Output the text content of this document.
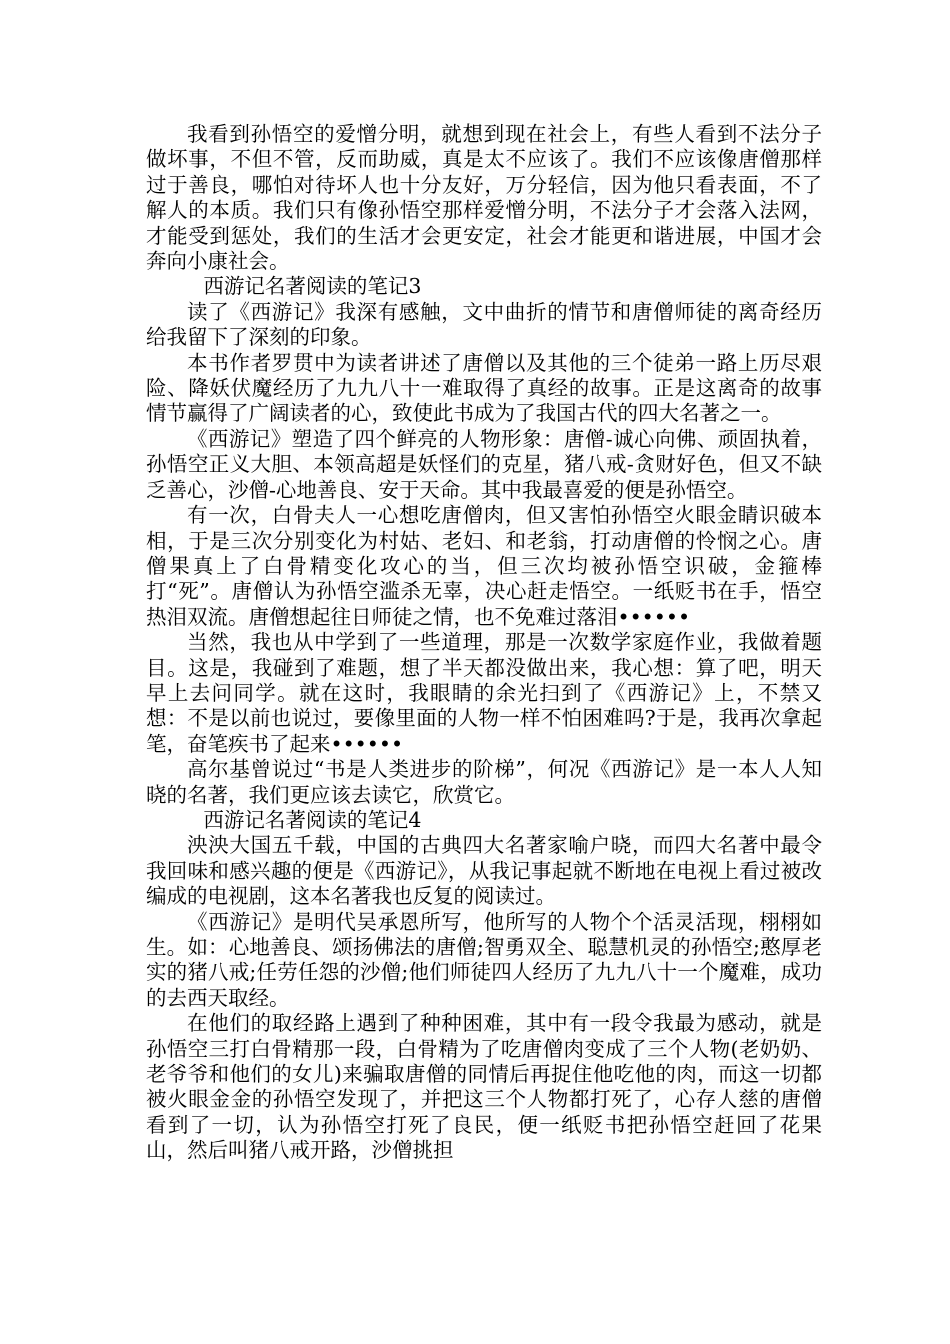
我看到孙悟空的爱憎分明，就想到现在社会上，有些人看到不法分子做坏事，不但不管，反而助威，真是太不应该了。我们不应该像唐僧那样过于善良，哪怕对待坏人也十分友好，万分轻信，因为他只看表面，不了解人的本质。我们只有像孙悟空那样爱憎分明，不法分子才会落入法网，才能受到惩处，我们的生活才会更安定，社会才能更和谐进展，中国才会奔向小康社会。

西游记名著阅读的笔记3

读了《西游记》我深有感触，文中曲折的情节和唐僧师徒的离奇经历给我留下了深刻的印象。

本书作者罗贯中为读者讲述了唐僧以及其他的三个徒弟一路上历尽艰险、降妖伏魔经历了九九八十一难取得了真经的故事。正是这离奇的故事情节赢得了广阔读者的心，致使此书成为了我国古代的四大名著之一。

《西游记》塑造了四个鲜亮的人物形象：唐僧-诚心向佛、顽固执着，孙悟空正义大胆、本领高超是妖怪们的克星，猪八戒-贪财好色，但又不缺乏善心，沙僧-心地善良、安于天命。其中我最喜爱的便是孙悟空。

有一次，白骨夫人一心想吃唐僧肉，但又害怕孙悟空火眼金睛识破本相，于是三次分别变化为村姑、老妇、和老翁，打动唐僧的怜悯之心。唐僧果真上了白骨精变化攻心的当，但三次均被孙悟空识破，金箍棒打“死”。唐僧认为孙悟空滥杀无辜，决心赶走悟空。一纸贬书在手，悟空热泪双流。唐僧想起往日师徒之情，也不免难过落泪••••••

当然，我也从中学到了一些道理，那是一次数学家庭作业，我做着题目。这是，我碰到了难题，想了半天都没做出来，我心想：算了吧，明天早上去问同学。就在这时，我眼睛的余光扫到了《西游记》上，不禁又想：不是以前也说过，要像里面的人物一样不怕困难吗?于是，我再次拿起笔，奋笔疾书了起来••••••

高尔基曾说过“书是人类进步的阶梯”，何况《西游记》是一本人人知晓的名著，我们更应该去读它，欣赏它。

西游记名著阅读的笔记4

泱泱大国五千载，中国的古典四大名著家喻户晓，而四大名著中最令我回味和感兴趣的便是《西游记》，从我记事起就不断地在电视上看过被改编成的电视剧，这本名著我也反复的阅读过。

《西游记》是明代吴承恩所写，他所写的人物个个活灵活现，栩栩如生。如：心地善良、颂扬佛法的唐僧;智勇双全、聪慧机灵的孙悟空;憨厚老实的猪八戒;任劳任怨的沙僧;他们师徒四人经历了九九八十一个魔难，成功的去西天取经。

在他们的取经路上遇到了种种困难，其中有一段令我最为感动，就是孙悟空三打白骨精那一段，白骨精为了吃唐僧肉变成了三个人物(老奶奶、老爷爷和他们的女儿)来骗取唐僧的同情后再捉住他吃他的肉，而这一切都被火眼金金的孙悟空发现了，并把这三个人物都打死了，心存人慈的唐僧看到了一切，认为孙悟空打死了良民，便一纸贬书把孙悟空赶回了花果山，然后叫猪八戒开路，沙僧挑担
